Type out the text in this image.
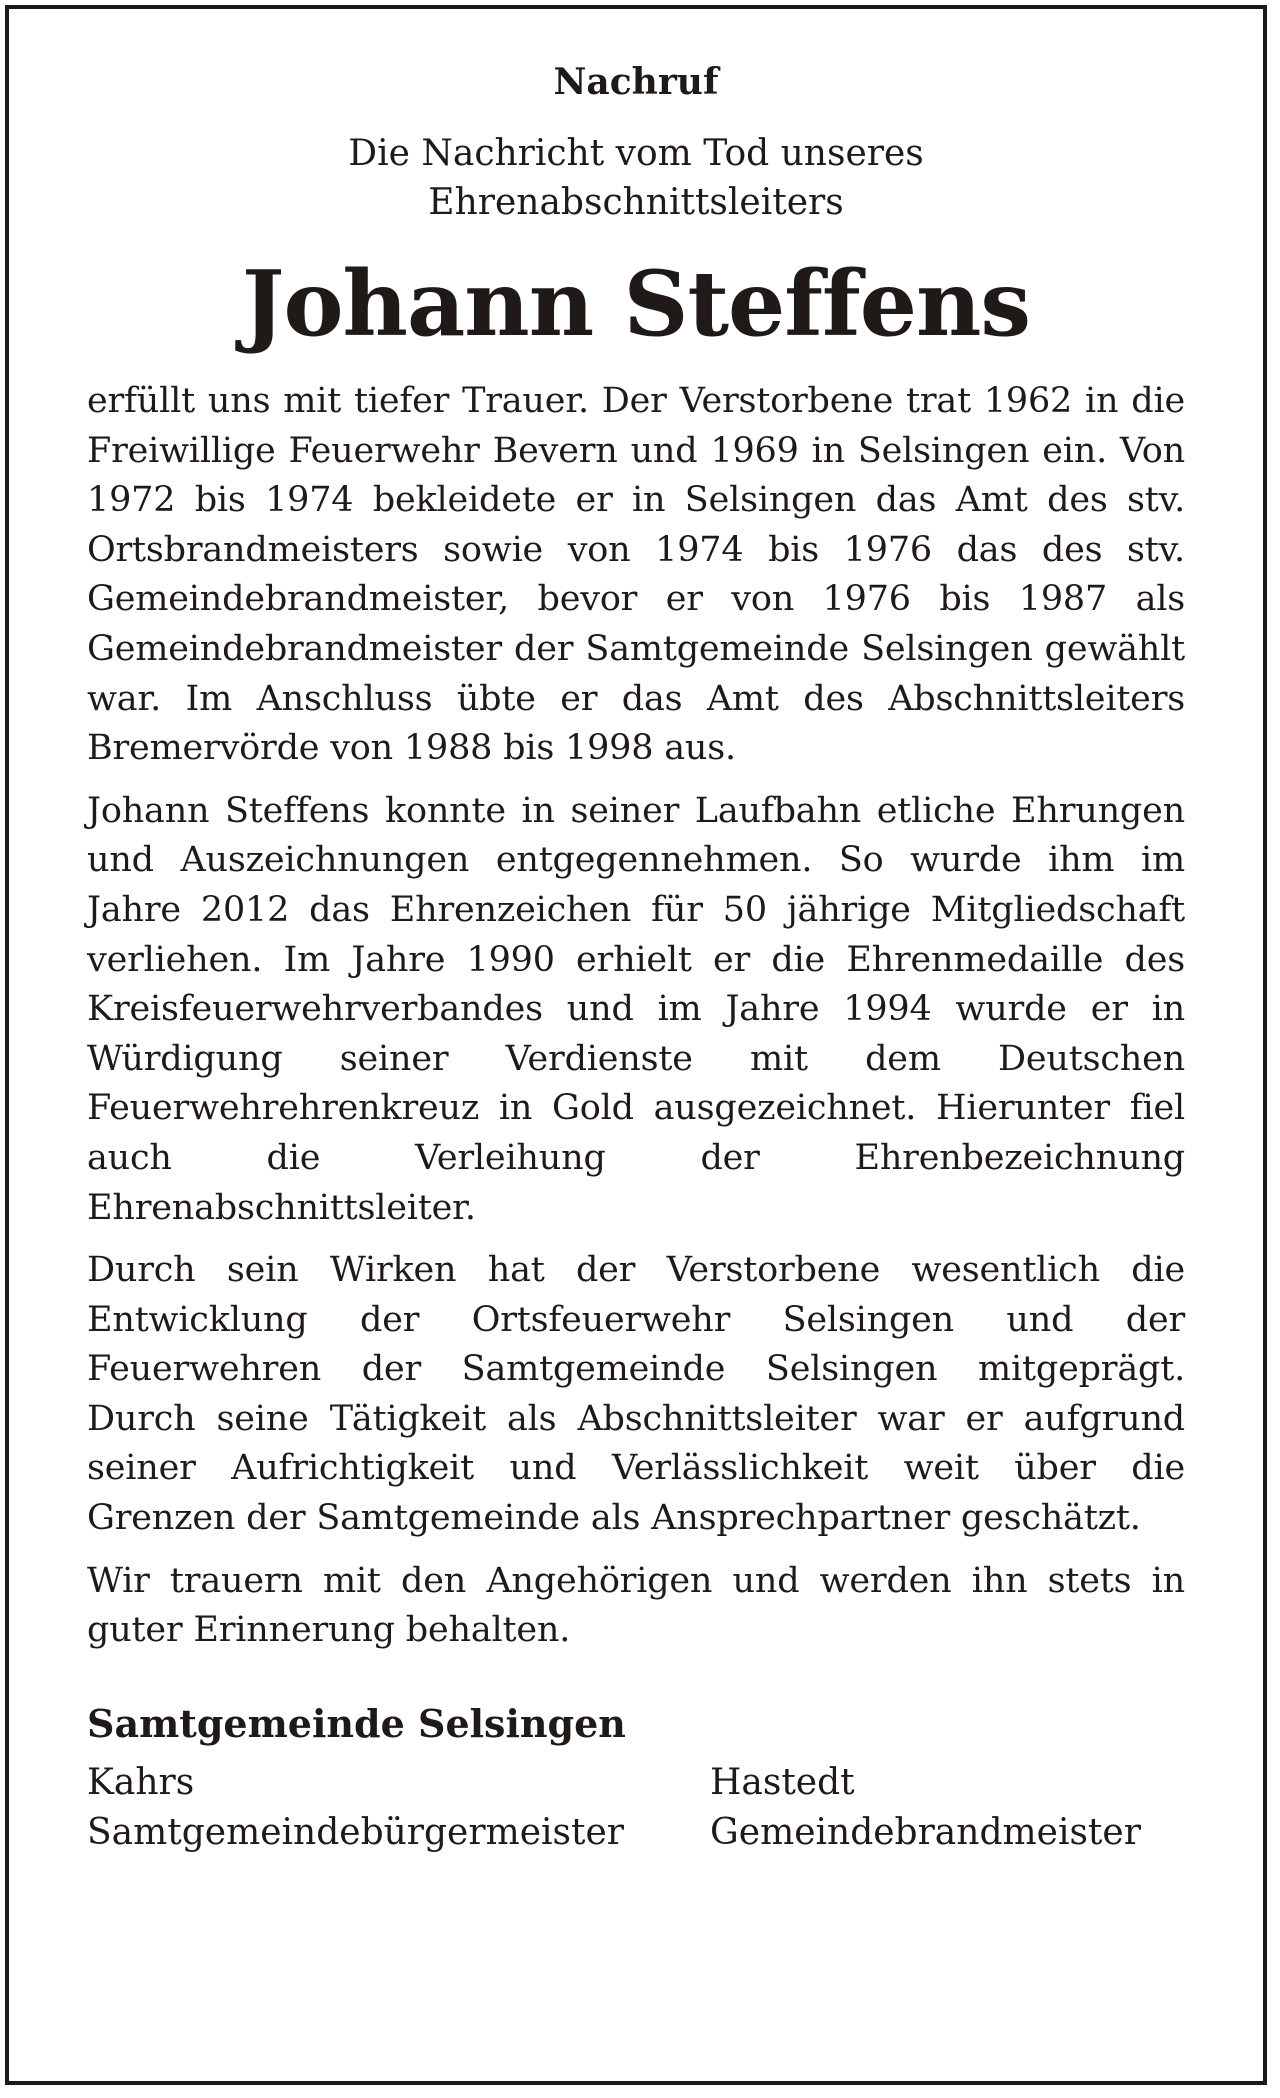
Nachruf
Die Nachricht vom Tod unseres
Ehrenabschnittsleiters
Johann Steffens

erfüllt uns mit tiefer Trauer. Der Verstorbene trat 1962 in die Freiwillige Feuerwehr Bevern und 1969 in Selsingen ein. Von 1972 bis 1974 bekleidete er in Selsingen das Amt des stv. Ortsbrandmeisters sowie von 1974 bis 1976 das des stv. Gemeindebrandmeister, bevor er von 1976 bis 1987 als Gemeindebrandmeister der Samtgemeinde Selsingen gewählt war. Im Anschluss übte er das Amt des Abschnittsleiters Bremervörde von 1988 bis 1998 aus.

Johann Steffens konnte in seiner Laufbahn etliche Ehrungen und Auszeichnungen entgegennehmen. So wurde ihm im Jahre 2012 das Ehrenzeichen für 50 jährige Mitgliedschaft verliehen. Im Jahre 1990 erhielt er die Ehrenmedaille des Kreisfeuerwehrverbandes und im Jahre 1994 wurde er in Würdigung seiner Verdienste mit dem Deutschen Feuerwehrehrenkreuz in Gold ausgezeichnet. Hierunter fiel auch die Verleihung der Ehrenbezeichnung Ehrenabschnittsleiter.

Durch sein Wirken hat der Verstorbene wesentlich die Entwicklung der Ortsfeuerwehr Selsingen und der Feuerwehren der Samtgemeinde Selsingen mitgeprägt. Durch seine Tätigkeit als Abschnittsleiter war er aufgrund seiner Aufrichtigkeit und Verlässlichkeit weit über die Grenzen der Samtgemeinde als Ansprechpartner geschätzt.

Wir trauern mit den Angehörigen und werden ihn stets in guter Erinnerung behalten.

Samtgemeinde Selsingen
Kahrs
Samtgemeindebürgermeister
Hastedt
Gemeindebrandmeister
